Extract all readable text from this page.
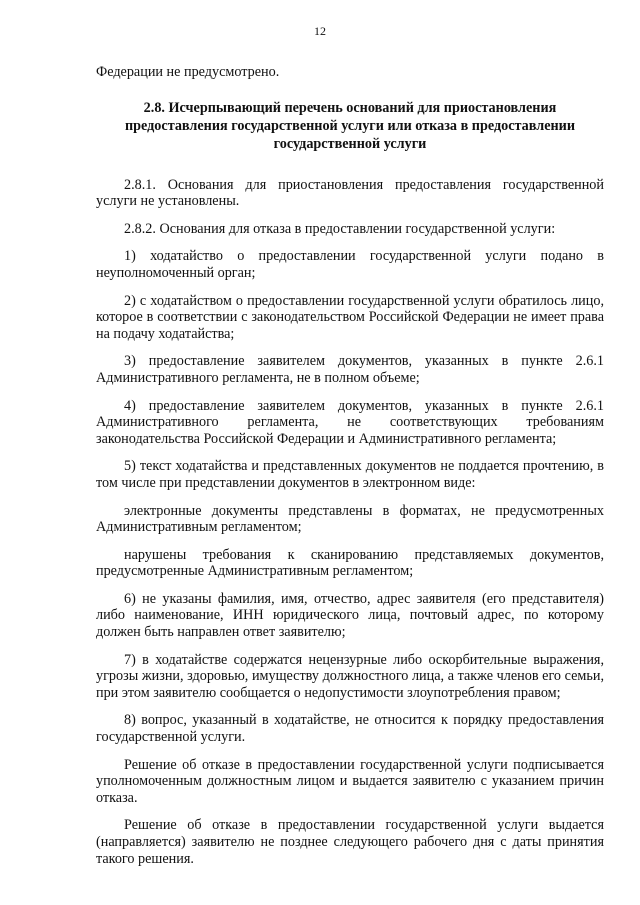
12

Федерации не предусмотрено.

2.8. Исчерпывающий перечень оснований для приостановления предоставления государственной услуги или отказа в предоставлении государственной услуги

2.8.1. Основания для приостановления предоставления государственной услуги не установлены.

2.8.2. Основания для отказа в предоставлении государственной услуги:

1) ходатайство о предоставлении государственной услуги подано в неуполномоченный орган;

2) с ходатайством о предоставлении государственной услуги обратилось лицо, которое в соответствии с законодательством Российской Федерации не имеет права на подачу ходатайства;

3) предоставление заявителем документов, указанных в пункте 2.6.1 Административного регламента, не в полном объеме;

4) предоставление заявителем документов, указанных в пункте 2.6.1 Административного регламента, не соответствующих требованиям законодательства Российской Федерации и Административного регламента;

5) текст ходатайства и представленных документов не поддается прочтению, в том числе при представлении документов в электронном виде:

электронные документы представлены в форматах, не предусмотренных Административным регламентом;

нарушены требования к сканированию представляемых документов, предусмотренные Административным регламентом;

6) не указаны фамилия, имя, отчество, адрес заявителя (его представителя) либо наименование, ИНН юридического лица, почтовый адрес, по которому должен быть направлен ответ заявителю;

7) в ходатайстве содержатся нецензурные либо оскорбительные выражения, угрозы жизни, здоровью, имуществу должностного лица, а также членов его семьи, при этом заявителю сообщается о недопустимости злоупотребления правом;

8) вопрос, указанный в ходатайстве, не относится к порядку предоставления государственной услуги.

Решение об отказе в предоставлении государственной услуги подписывается уполномоченным должностным лицом и выдается заявителю с указанием причин отказа.

Решение об отказе в предоставлении государственной услуги выдается (направляется) заявителю не позднее следующего рабочего дня с даты принятия такого решения.
